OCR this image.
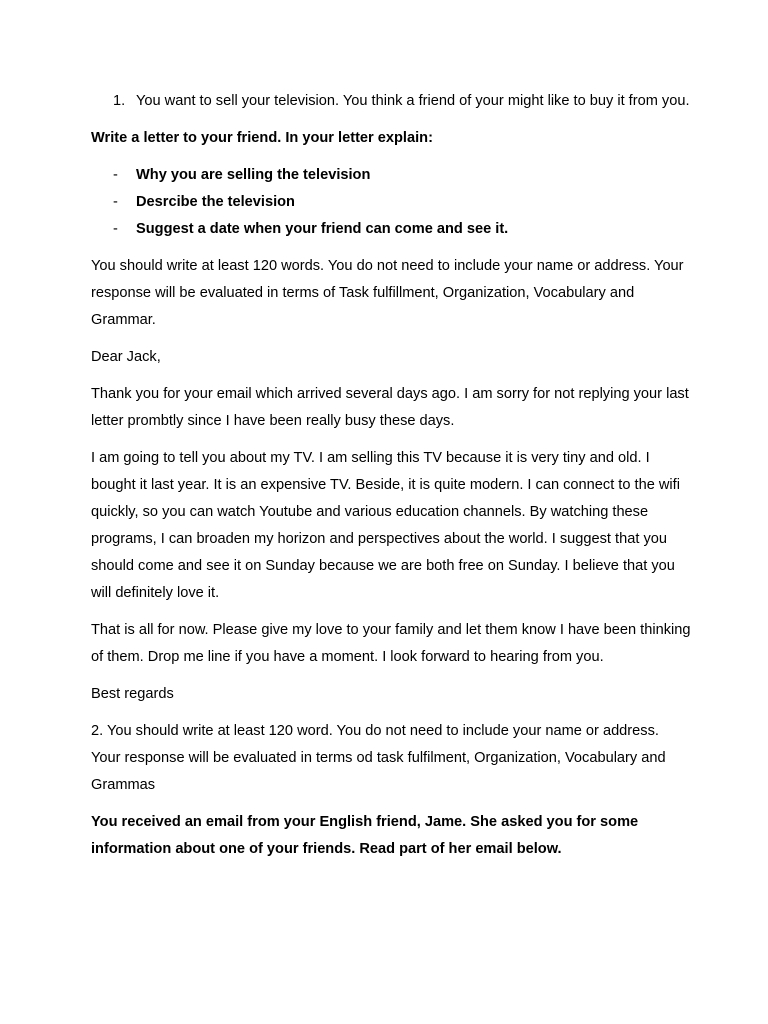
1. You want to sell your television. You think a friend of your might like to buy it from you.

Write a letter to your friend. In your letter explain:

- Why you are selling the television
- Desrcibe the television
- Suggest a date when your friend can come and see it.

You should write at least 120 words. You do not need to include your name or address. Your response will be evaluated in terms of Task fulfillment, Organization, Vocabulary and Grammar.

Dear Jack,

Thank you for your email which arrived several days ago. I am sorry for not replying your last letter prombtly since I have been really busy these days.

I am going to tell you about my TV. I am selling this TV because it is very tiny and old. I bought it last year. It is an expensive TV. Beside, it is quite modern. I can connect to the wifi quickly, so you can watch Youtube and various education channels. By watching these programs, I can broaden my horizon and perspectives about the world. I suggest that you should come and see it on Sunday because we are both free on Sunday. I believe that you will definitely love it.

That is all for now. Please give my love to your family and let them know I have been thinking of them. Drop me line if you have a moment. I look forward to hearing from you.

Best regards

2. You should write at least 120 word. You do not need to include your name or address. Your response will be evaluated in terms od task fulfilment, Organization, Vocabulary and Grammas

You received an email from your English friend, Jame. She asked you for some information about one of your friends. Read part of her email below.
